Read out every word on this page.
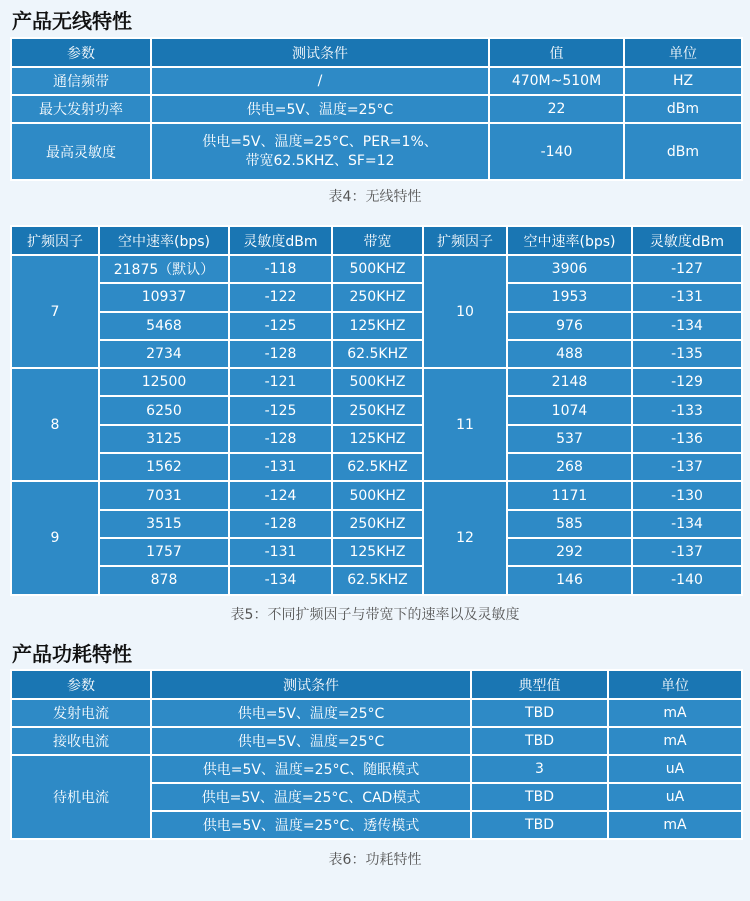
产品无线特性
参数	测试条件	值	单位
通信频带	/	470M~510M	HZ
最大发射功率	供电=5V、温度=25°C	22	dBm
最高灵敏度	供电=5V、温度=25°C、PER=1%、
带宽62.5KHZ、SF=12	-140	dBm
表4：无线特性
扩频因子	空中速率(bps)	灵敏度dBm	带宽	扩频因子	空中速率(bps)	灵敏度dBm
7	21875（默认）	-118	500KHZ	10	3906	-127
	10937	-122	250KHZ		1953	-131
	5468	-125	125KHZ		976	-134
	2734	-128	62.5KHZ		488	-135
8	12500	-121	500KHZ	11	2148	-129
	6250	-125	250KHZ		1074	-133
	3125	-128	125KHZ		537	-136
	1562	-131	62.5KHZ		268	-137
9	7031	-124	500KHZ	12	1171	-130
	3515	-128	250KHZ		585	-134
	1757	-131	125KHZ		292	-137
	878	-134	62.5KHZ		146	-140
表5：不同扩频因子与带宽下的速率以及灵敏度
产品功耗特性
参数	测试条件	典型值	单位
发射电流	供电=5V、温度=25°C	TBD	mA
接收电流	供电=5V、温度=25°C	TBD	mA
待机电流	供电=5V、温度=25°C、随眠模式	3	uA
	供电=5V、温度=25°C、CAD模式	TBD	uA
	供电=5V、温度=25°C、透传模式	TBD	mA
表6：功耗特性
